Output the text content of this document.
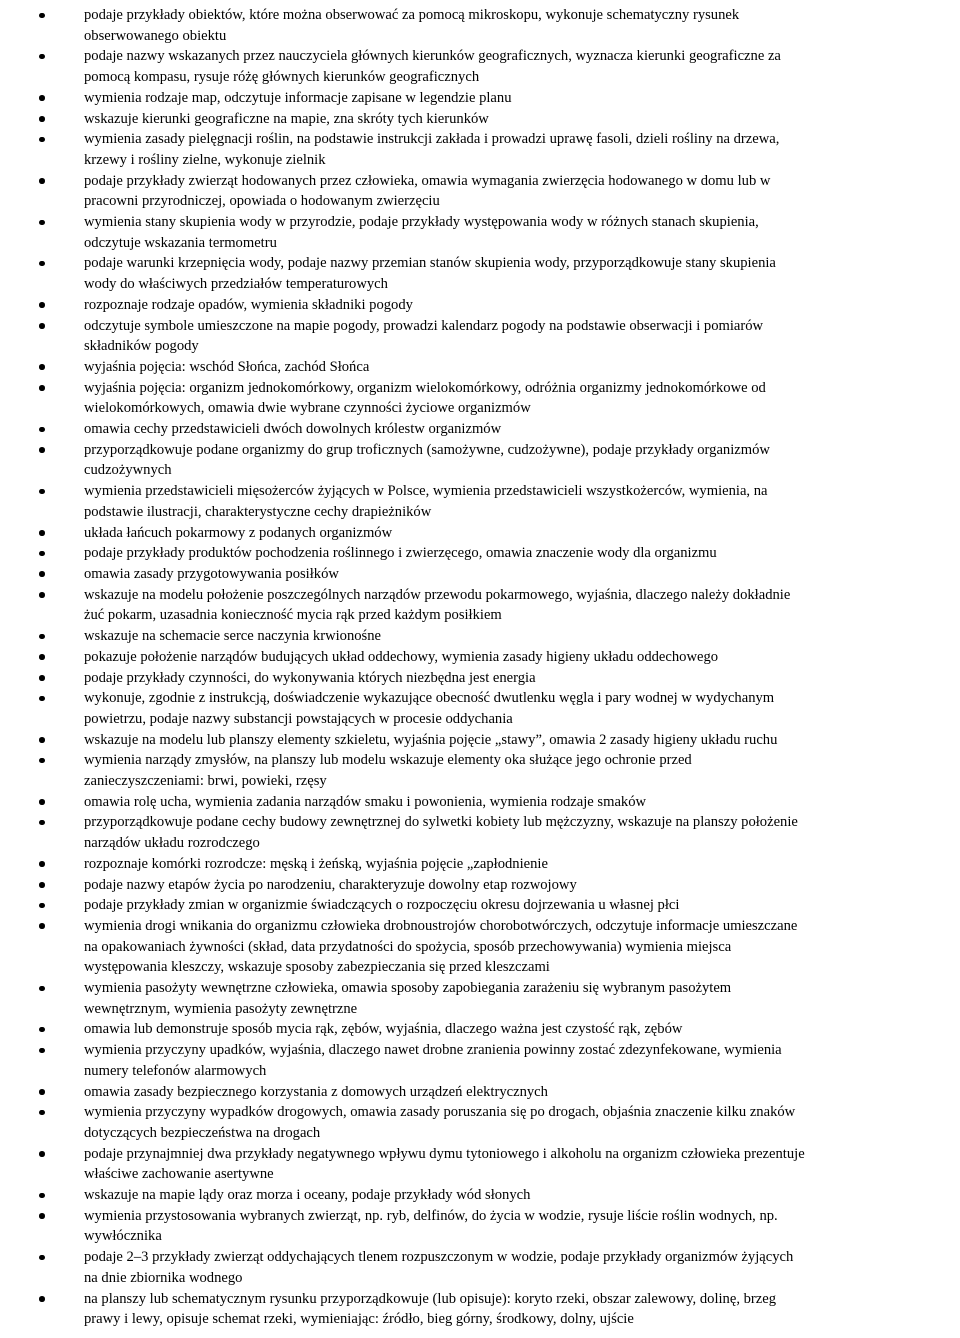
podaje przykłady obiektów, które można obserwować za pomocą mikroskopu, wykonuje schematyczny rysunek
obserwowanego obiektu
podaje nazwy wskazanych przez nauczyciela głównych kierunków geograficznych, wyznacza kierunki geograficzne za
pomocą kompasu, rysuje różę głównych kierunków geograficznych
wymienia rodzaje map, odczytuje informacje zapisane w legendzie planu
wskazuje kierunki geograficzne na mapie, zna skróty tych kierunków
wymienia zasady pielęgnacji roślin, na podstawie instrukcji zakłada i prowadzi uprawę fasoli, dzieli rośliny na drzewa,
krzewy i rośliny zielne, wykonuje zielnik
podaje przykłady zwierząt hodowanych przez człowieka, omawia wymagania zwierzęcia hodowanego w domu lub w
pracowni przyrodniczej, opowiada o hodowanym zwierzęciu
wymienia stany skupienia wody w przyrodzie, podaje przykłady występowania wody w różnych stanach skupienia,
odczytuje wskazania termometru
podaje warunki krzepnięcia wody, podaje nazwy przemian stanów skupienia wody, przyporządkowuje stany skupienia
wody do właściwych przedziałów temperaturowych
rozpoznaje rodzaje opadów, wymienia składniki pogody
odczytuje symbole umieszczone na mapie pogody, prowadzi kalendarz pogody na podstawie obserwacji i pomiarów
składników pogody
wyjaśnia pojęcia: wschód Słońca, zachód Słońca
wyjaśnia pojęcia: organizm jednokomórkowy, organizm wielokomórkowy, odróżnia organizmy jednokomórkowe od
wielokomórkowych, omawia dwie wybrane czynności życiowe organizmów
omawia cechy przedstawicieli dwóch dowolnych królestw organizmów
przyporządkowuje podane organizmy do grup troficznych (samożywne, cudzożywne), podaje przykłady organizmów
cudzożywnych
wymienia przedstawicieli mięsożerców żyjących w Polsce, wymienia przedstawicieli wszystkożerców, wymienia, na
podstawie ilustracji, charakterystyczne cechy drapieżników
układa łańcuch pokarmowy z podanych organizmów
podaje przykłady produktów pochodzenia roślinnego i zwierzęcego, omawia znaczenie wody dla organizmu
omawia zasady przygotowywania posiłków
wskazuje na modelu położenie poszczególnych narządów przewodu pokarmowego, wyjaśnia, dlaczego należy dokładnie
żuć pokarm, uzasadnia konieczność mycia rąk przed każdym posiłkiem
wskazuje na schemacie serce naczynia krwionośne
pokazuje położenie narządów budujących układ oddechowy, wymienia zasady higieny układu oddechowego
podaje przykłady czynności, do wykonywania których niezbędna jest energia
wykonuje, zgodnie z instrukcją, doświadczenie wykazujące obecność dwutlenku węgla i pary wodnej w wydychanym
powietrzu, podaje nazwy substancji powstających w procesie oddychania
wskazuje na modelu lub planszy elementy szkieletu, wyjaśnia pojęcie „stawy”, omawia 2 zasady higieny układu ruchu
wymienia narządy zmysłów, na planszy lub modelu wskazuje elementy oka służące jego ochronie przed
zanieczyszczeniami: brwi, powieki, rzęsy
omawia rolę ucha, wymienia zadania narządów smaku i powonienia, wymienia rodzaje smaków
przyporządkowuje podane cechy budowy zewnętrznej do sylwetki kobiety lub mężczyzny, wskazuje na planszy położenie
narządów układu rozrodczego
rozpoznaje komórki rozrodcze: męską i żeńską, wyjaśnia pojęcie „zapłodnienie
podaje nazwy etapów życia po narodzeniu, charakteryzuje dowolny etap rozwojowy
podaje przykłady zmian w organizmie świadczących o rozpoczęciu okresu dojrzewania u własnej płci
wymienia drogi wnikania do organizmu człowieka drobnoustrojów chorobotwórczych, odczytuje informacje umieszczane
na opakowaniach żywności (skład, data przydatności do spożycia, sposób przechowywania) wymienia miejsca
występowania kleszczy, wskazuje sposoby zabezpieczania się przed kleszczami
wymienia pasożyty wewnętrzne człowieka, omawia sposoby zapobiegania zarażeniu się wybranym pasożytem
wewnętrznym, wymienia pasożyty zewnętrzne
omawia lub demonstruje sposób mycia rąk, zębów, wyjaśnia, dlaczego ważna jest czystość rąk, zębów
wymienia przyczyny upadków, wyjaśnia, dlaczego nawet drobne zranienia powinny zostać zdezynfekowane, wymienia
numery telefonów alarmowych
omawia zasady bezpiecznego korzystania z domowych urządzeń elektrycznych
wymienia przyczyny wypadków drogowych, omawia zasady poruszania się po drogach, objaśnia znaczenie kilku znaków
dotyczących bezpieczeństwa na drogach
podaje przynajmniej dwa przykłady negatywnego wpływu dymu tytoniowego i alkoholu na organizm człowieka prezentuje
właściwe zachowanie asertywne
wskazuje na mapie lądy oraz morza i oceany, podaje przykłady wód słonych
wymienia przystosowania wybranych zwierząt, np. ryb, delfinów, do życia w wodzie, rysuje liście roślin wodnych, np.
wywłócznika
podaje 2–3 przykłady zwierząt oddychających tlenem rozpuszczonym w wodzie, podaje przykłady organizmów żyjących
na dnie zbiornika wodnego
na planszy lub schematycznym rysunku przyporządkowuje (lub opisuje): koryto rzeki, obszar zalewowy, dolinę, brzeg
prawy i lewy, opisuje schemat rzeki, wymieniając: źródło, bieg górny, środkowy, dolny, ujście
